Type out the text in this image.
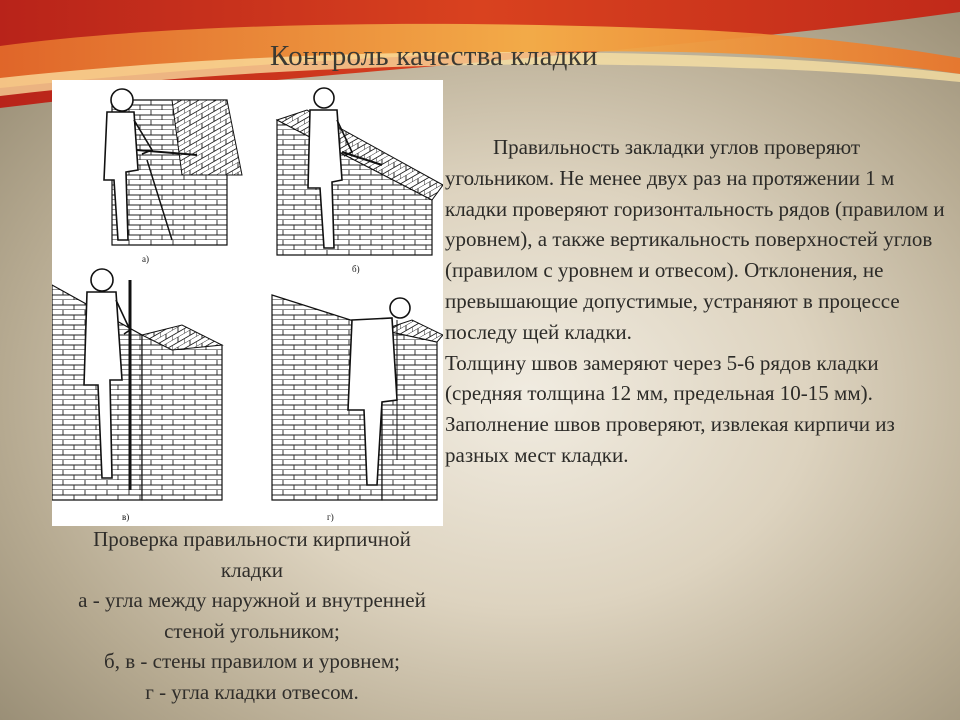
Контроль качества кладки
а)
б)
в)	г)
Проверка правильности кирпичной
кладки
а - угла между наружной и внутренней
стеной угольником;
б, в - стены правилом и уровнем;
г - угла кладки отвесом.

Правильность закладки углов проверяют угольником. Не менее двух раз на протяжении 1 м кладки проверяют горизонтальность рядов (правилом и уровнем), а также вертикальность поверхностей углов (правилом с уровнем и отвесом). Отклонения, не превышающие допустимые, устраняют в процессе последу щей кладки.

Толщину швов замеряют через 5-6 рядов кладки (средняя толщина 12 мм, предельная 10-15 мм). Заполнение швов проверяют, извлекая кирпичи из разных мест кладки.
